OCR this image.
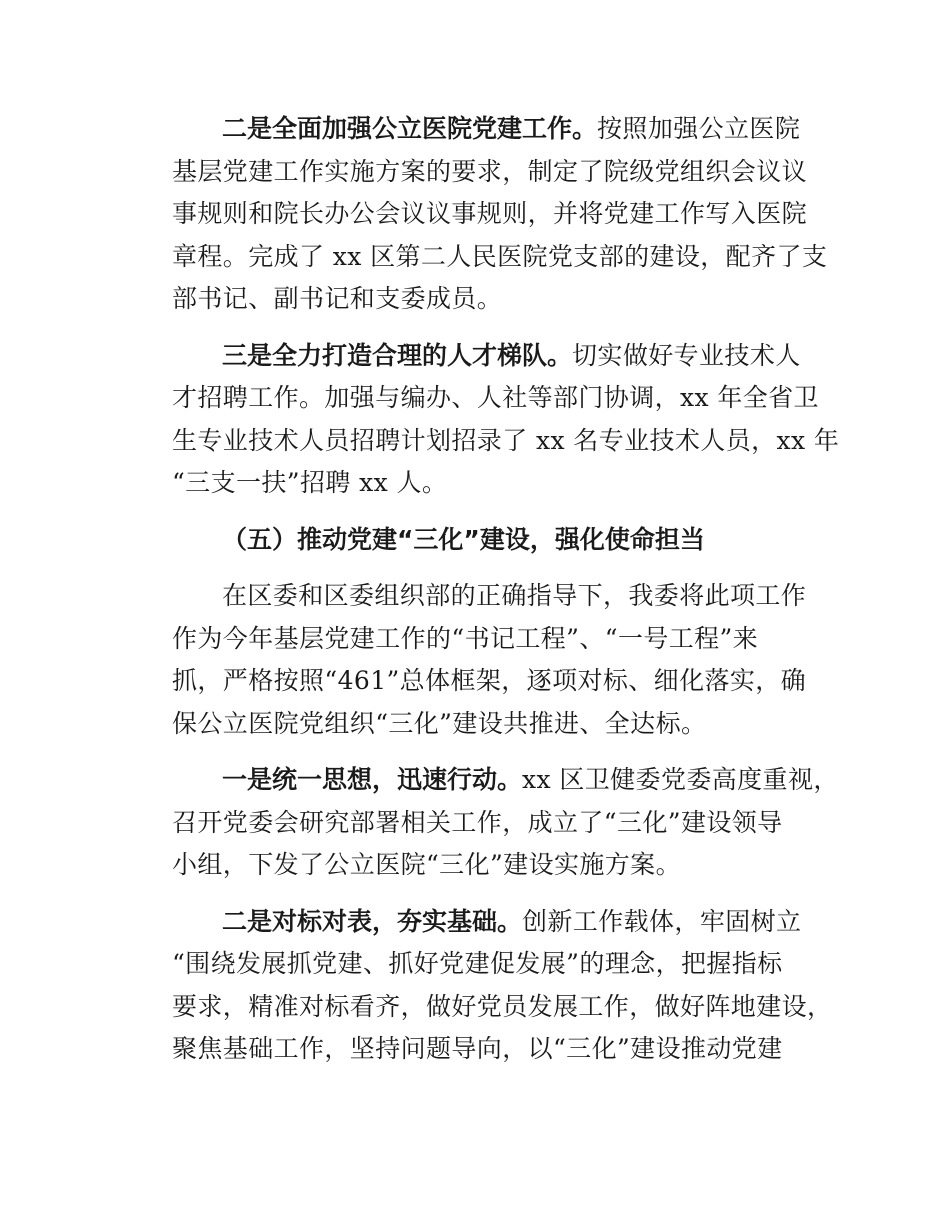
二是全面加强公立医院党建工作。按照加强公立医院
基层党建工作实施方案的要求，制定了院级党组织会议议
事规则和院长办公会议议事规则，并将党建工作写入医院
章程。完成了 xx 区第二人民医院党支部的建设，配齐了支
部书记、副书记和支委成员。

三是全力打造合理的人才梯队。切实做好专业技术人
才招聘工作。加强与编办、人社等部门协调，xx 年全省卫
生专业技术人员招聘计划招录了 xx 名专业技术人员，xx 年
“三支一扶”招聘 xx 人。

（五）推动党建“三化”建设，强化使命担当

在区委和区委组织部的正确指导下，我委将此项工作
作为今年基层党建工作的“书记工程”、“一号工程”来
抓，严格按照“461”总体框架，逐项对标、细化落实，确
保公立医院党组织“三化”建设共推进、全达标。

一是统一思想，迅速行动。xx 区卫健委党委高度重视，
召开党委会研究部署相关工作，成立了“三化”建设领导
小组，下发了公立医院“三化”建设实施方案。

二是对标对表，夯实基础。创新工作载体，牢固树立
“围绕发展抓党建、抓好党建促发展”的理念，把握指标
要求，精准对标看齐，做好党员发展工作，做好阵地建设，
聚焦基础工作，坚持问题导向，以“三化”建设推动党建
